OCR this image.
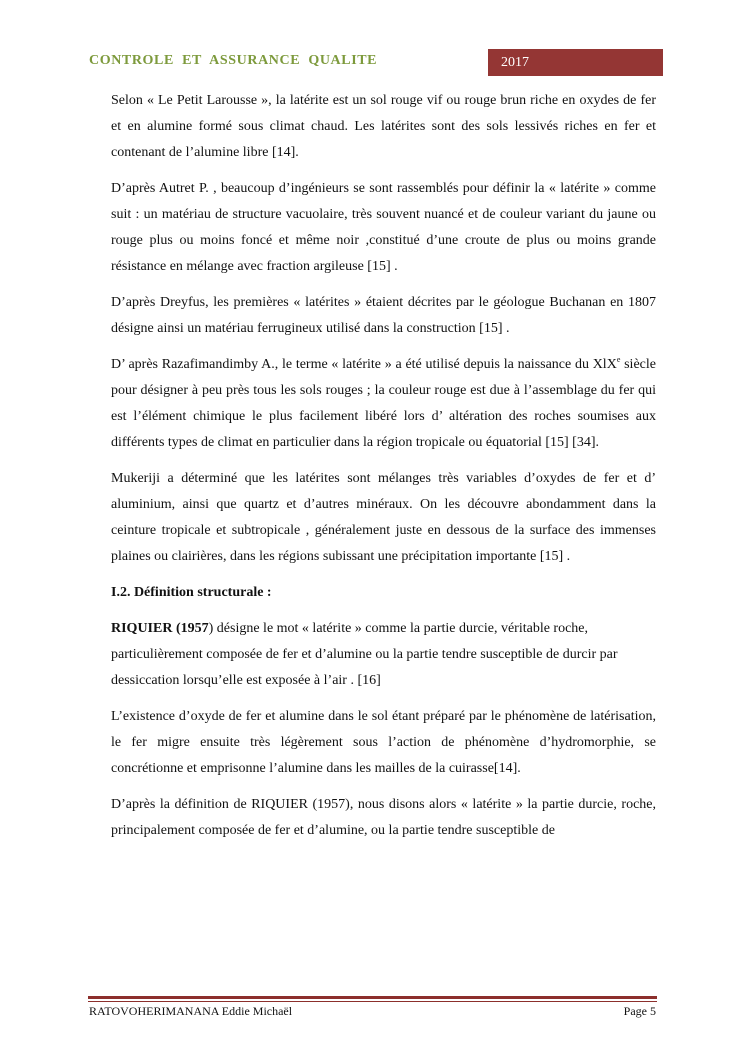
CONTROLE  ET  ASSURANCE  QUALITE	2017

Selon « Le Petit Larousse », la latérite est un sol rouge vif ou rouge brun riche en oxydes de fer et en alumine formé sous climat chaud. Les latérites sont des sols lessivés riches en fer et contenant de l’alumine libre [14].

D’après Autret P. , beaucoup d’ingénieurs se sont rassemblés pour définir la « latérite » comme suit : un matériau de structure vacuolaire, très souvent nuancé et de couleur variant du jaune ou rouge plus ou moins foncé et même noir ,constitué d’une croute de plus ou moins grande résistance en mélange avec fraction argileuse [15] .

D’après Dreyfus, les premières « latérites » étaient décrites par le géologue Buchanan en 1807 désigne ainsi un matériau ferrugineux utilisé dans la construction [15] .

D’ après Razafimandimby A., le terme « latérite » a été utilisé depuis la naissance du XlX$^e$ siècle pour désigner à peu près tous les sols rouges ; la couleur rouge est due à l’assemblage du fer qui est l’élément chimique le plus facilement libéré lors d’ altération des roches soumises aux différents types de climat en particulier dans la région tropicale ou équatorial [15] [34].

Mukeriji a déterminé que les latérites sont mélanges très variables d’oxydes de fer et d’ aluminium, ainsi que quartz et d’autres minéraux. On les découvre abondamment dans la ceinture tropicale et subtropicale , généralement juste en dessous de la surface des immenses plaines ou clairières, dans les régions subissant une précipitation importante [15] .

I.2. Définition structurale :

RIQUIER (1957) désigne le mot « latérite » comme la partie durcie, véritable roche, particulièrement composée de fer et d’alumine ou la partie tendre susceptible de durcir par dessiccation lorsqu’elle est exposée à l’air . [16]

L’existence d’oxyde de fer et alumine dans le sol étant préparé par le phénomène de latérisation, le fer migre ensuite très légèrement sous l’action de phénomène d’hydromorphie, se concrétionne et emprisonne l’alumine dans les mailles de la cuirasse[14].

D’après la définition de RIQUIER (1957), nous disons alors « latérite » la partie durcie, roche, principalement composée de fer et d’alumine, ou la partie tendre susceptible de

RATOVOHERIMANANA Eddie Michaël	Page 5
